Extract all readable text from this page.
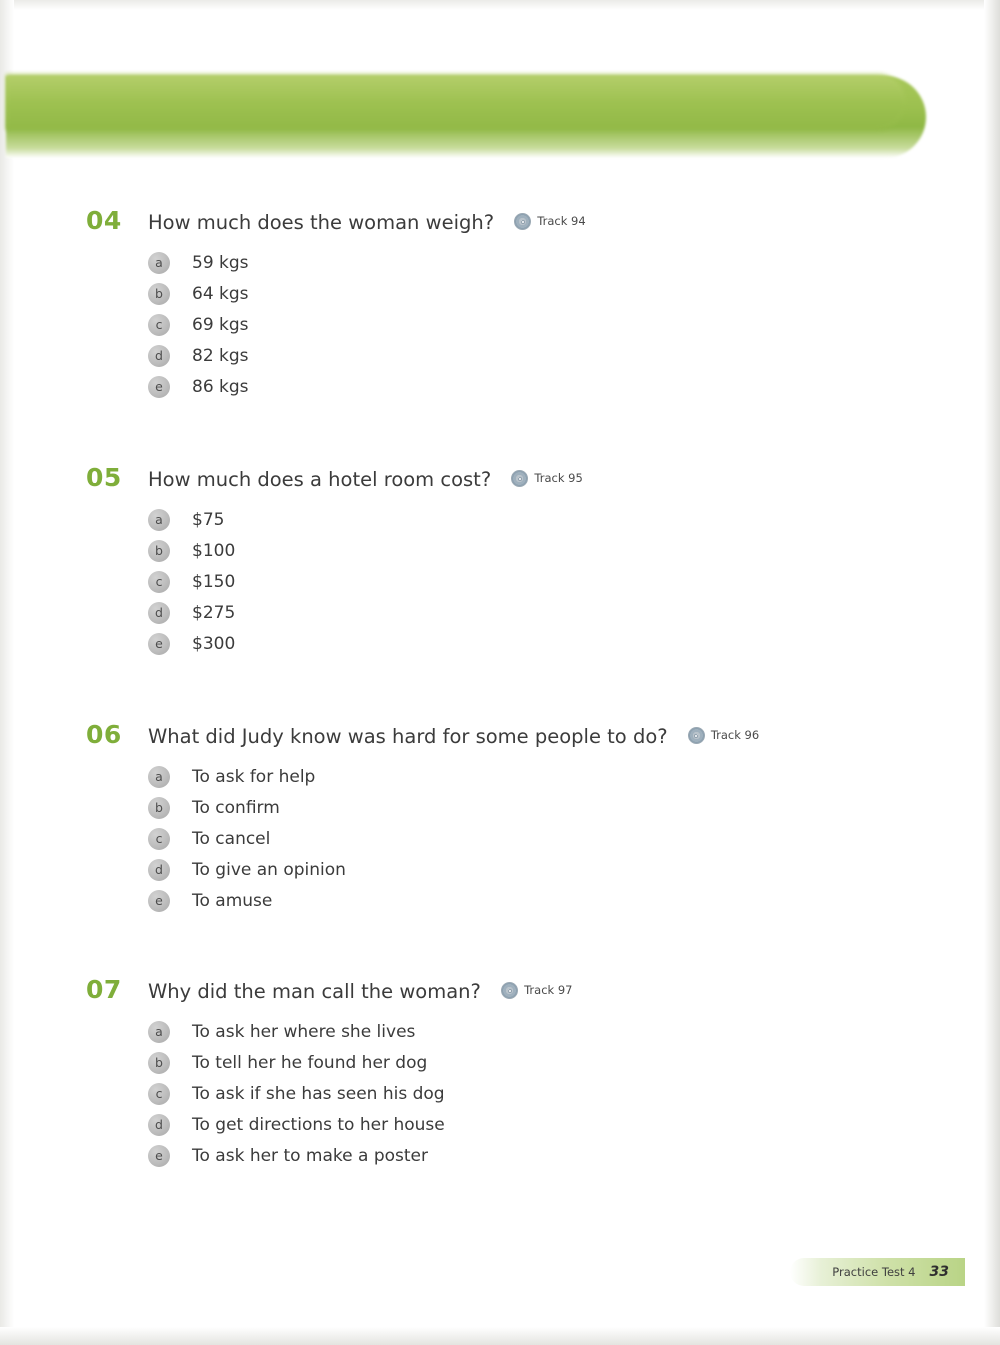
04	How much does the woman weigh?	Track 94
a	59 kgs
b	64 kgs
c	69 kgs
d	82 kgs
e	86 kgs
05	How much does a hotel room cost?	Track 95
a	$75
b	$100
c	$150
d	$275
e	$300
06	What did Judy know was hard for some people to do?	Track 96
a	To ask for help
b	To confirm
c	To cancel
d	To give an opinion
e	To amuse
07	Why did the man call the woman?	Track 97
a	To ask her where she lives
b	To tell her he found her dog
c	To ask if she has seen his dog
d	To get directions to her house
e	To ask her to make a poster
Practice Test 4 33
